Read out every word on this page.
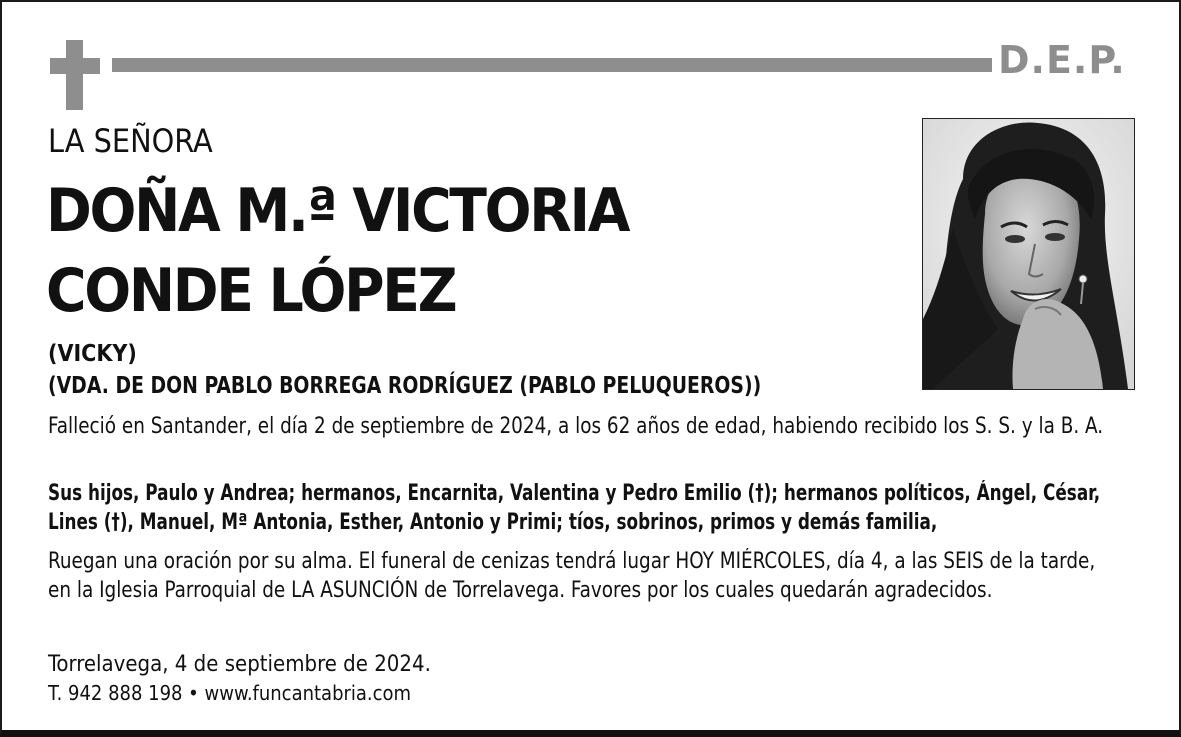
D.E.P.
LA SEÑORA
DOÑA M.ª VICTORIA
CONDE LÓPEZ
(VICKY)
(VDA. DE DON PABLO BORREGA RODRÍGUEZ (PABLO PELUQUEROS))

Falleció en Santander, el día 2 de septiembre de 2024, a los 62 años de edad, habiendo recibido los S. S. y la B. A.

Sus hijos, Paulo y Andrea; hermanos, Encarnita, Valentina y Pedro Emilio (†); hermanos políticos, Ángel, César, Lines (†), Manuel, Mª Antonia, Esther, Antonio y Primi; tíos, sobrinos, primos y demás familia,

Ruegan una oración por su alma. El funeral de cenizas tendrá lugar HOY MIÉRCOLES, día 4, a las SEIS de la tarde, en la Iglesia Parroquial de LA ASUNCIÓN de Torrelavega. Favores por los cuales quedarán agradecidos.

Torrelavega, 4 de septiembre de 2024.

T. 942 888 198 • www.funcantabria.com
